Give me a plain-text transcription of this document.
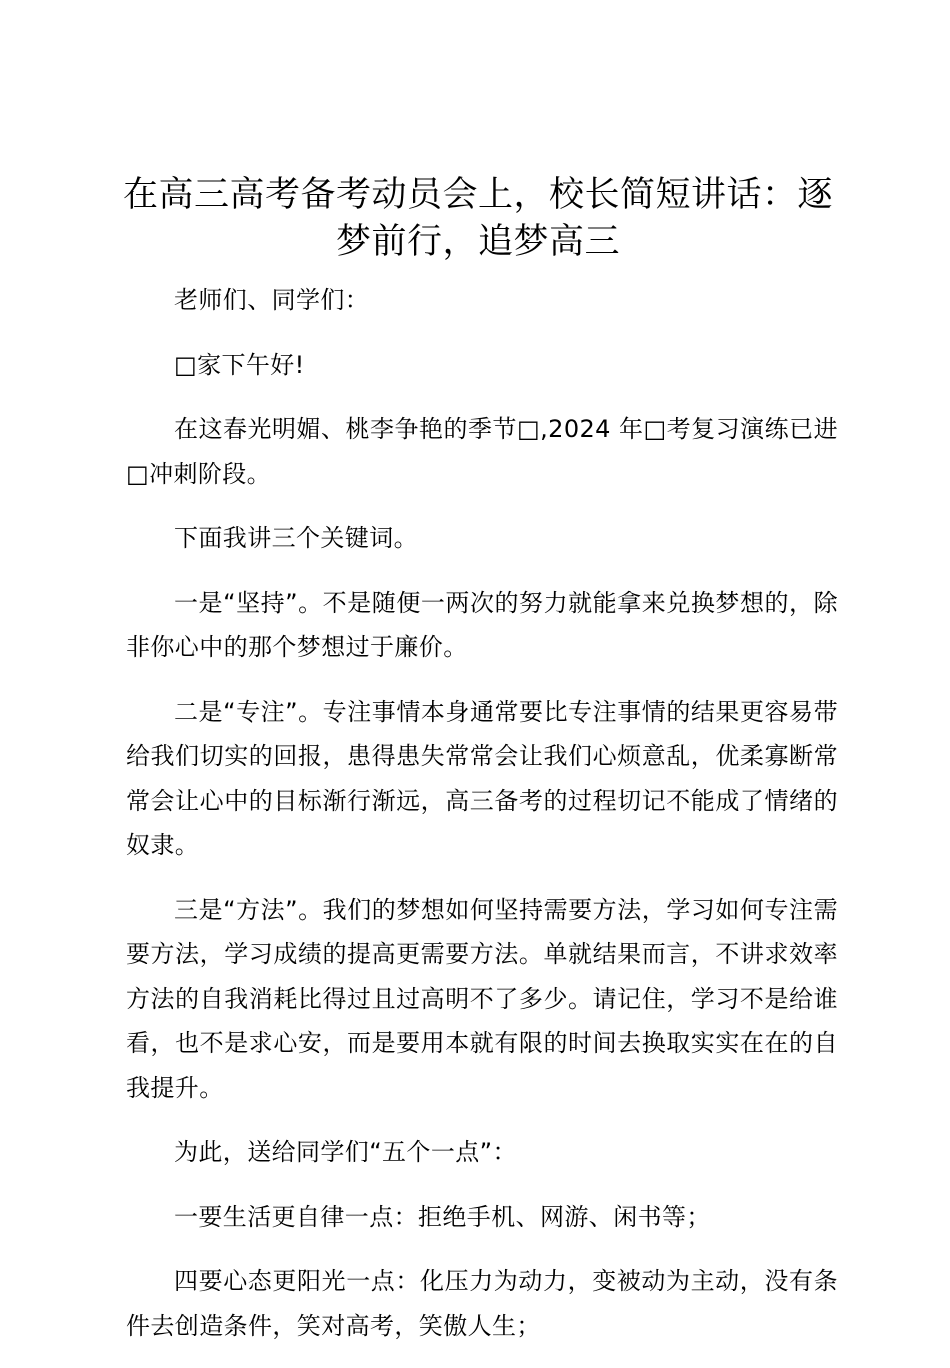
在高三高考备考动员会上，校长简短讲话：逐梦前行，追梦高三

老师们、同学们：

□家下午好!

在这春光明媚、桃李争艳的季节□,2024 年□考复习演练已进□冲刺阶段。

下面我讲三个关键词。

一是“坚持”。不是随便一两次的努力就能拿来兑换梦想的，除非你心中的那个梦想过于廉价。

二是“专注”。专注事情本身通常要比专注事情的结果更容易带给我们切实的回报，患得患失常常会让我们心烦意乱，优柔寡断常常会让心中的目标渐行渐远，高三备考的过程切记不能成了情绪的奴隶。

三是“方法”。我们的梦想如何坚持需要方法，学习如何专注需要方法，学习成绩的提高更需要方法。单就结果而言，不讲求效率方法的自我消耗比得过且过高明不了多少。请记住，学习不是给谁看，也不是求心安，而是要用本就有限的时间去换取实实在在的自我提升。

为此，送给同学们“五个一点”：

一要生活更自律一点：拒绝手机、网游、闲书等；

四要心态更阳光一点：化压力为动力，变被动为主动，没有条件去创造条件，笑对高考，笑傲人生；
